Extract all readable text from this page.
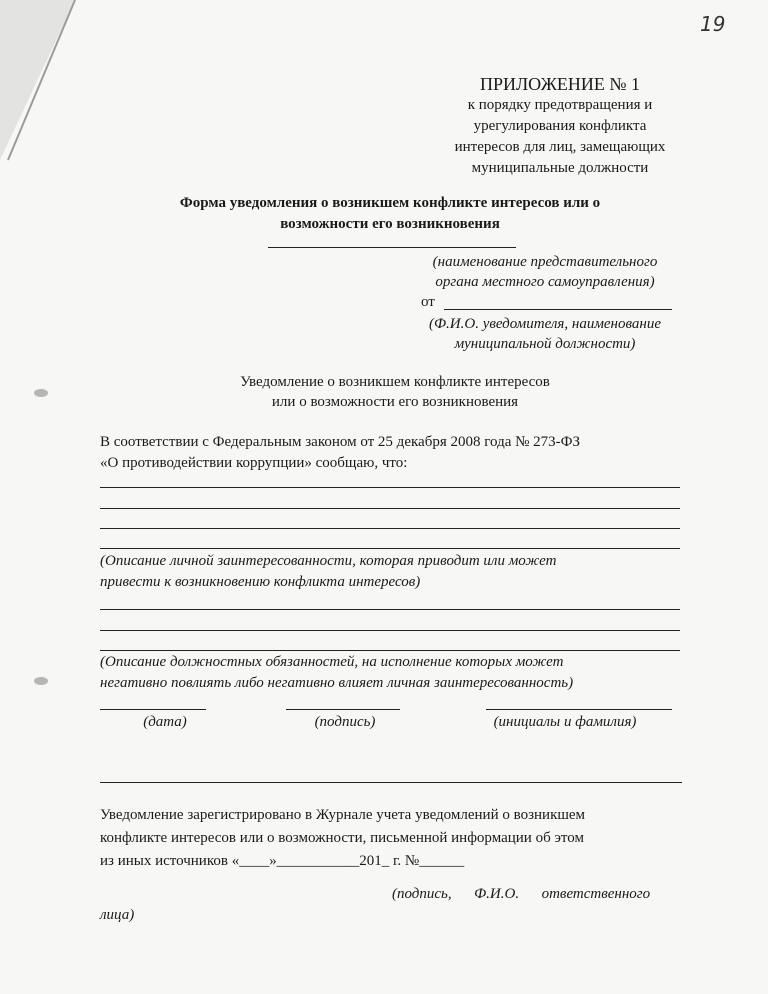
19
ПРИЛОЖЕНИЕ № 1
к порядку предотвращения и
урегулирования конфликта
интересов для лиц, замещающих
муниципальные должности
Форма уведомления о возникшем конфликте интересов или о
возможности его возникновения
(наименование представительного
органа местного самоуправления)
от
(Ф.И.О. уведомителя, наименование
муниципальной должности)
Уведомление о возникшем конфликте интересов
или о возможности его возникновения
В соответствии с Федеральным законом от 25 декабря 2008 года № 273-ФЗ
«О противодействии коррупции» сообщаю, что:
(Описание личной заинтересованности, которая приводит или может
привести к возникновению конфликта интересов)
(Описание должностных обязанностей, на исполнение которых может
негативно повлиять либо негативно влияет личная заинтересованность)
(дата)	(подпись)	(инициалы и фамилия)
Уведомление зарегистрировано в Журнале учета уведомлений о возникшем
конфликте интересов или о возможности, письменной информации об этом
из иных источников «____»___________201_ г. №______
(подпись,      Ф.И.О.      ответственного
лица)
